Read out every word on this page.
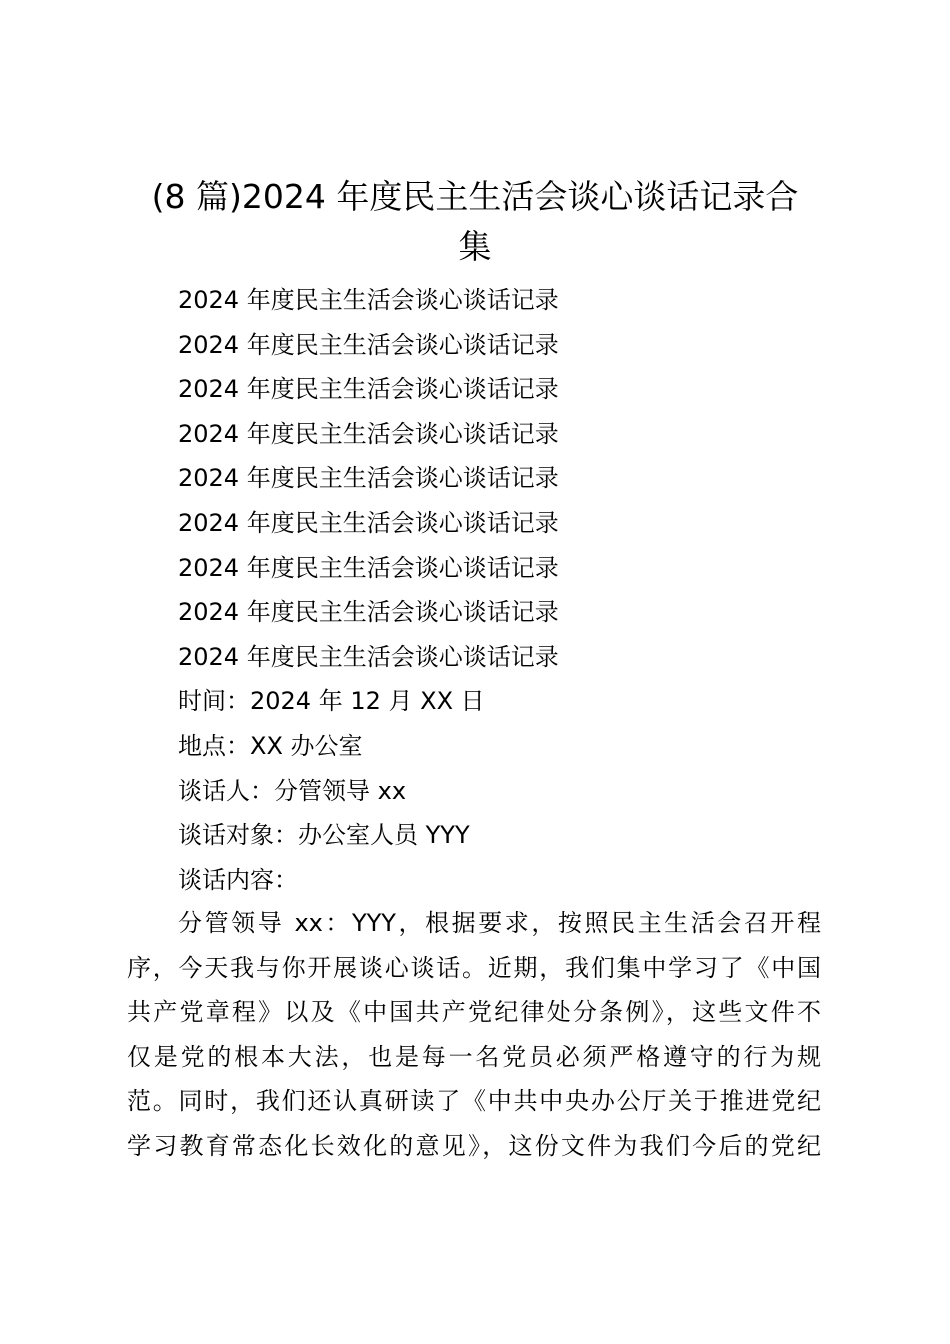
(8 篇)2024 年度民主生活会谈心谈话记录合
集
2024 年度民主生活会谈心谈话记录
2024 年度民主生活会谈心谈话记录
2024 年度民主生活会谈心谈话记录
2024 年度民主生活会谈心谈话记录
2024 年度民主生活会谈心谈话记录
2024 年度民主生活会谈心谈话记录
2024 年度民主生活会谈心谈话记录
2024 年度民主生活会谈心谈话记录
2024 年度民主生活会谈心谈话记录
时间：2024 年 12 月 XX 日
地点：XX 办公室
谈话人：分管领导 xx
谈话对象：办公室人员 YYY
谈话内容：
分管领导 xx：YYY，根据要求，按照民主生活会召开程
序，今天我与你开展谈心谈话。近期，我们集中学习了《中国
共产党章程》以及《中国共产党纪律处分条例》，这些文件不
仅是党的根本大法，也是每一名党员必须严格遵守的行为规
范。同时，我们还认真研读了《中共中央办公厅关于推进党纪
学习教育常态化长效化的意见》，这份文件为我们今后的党纪
